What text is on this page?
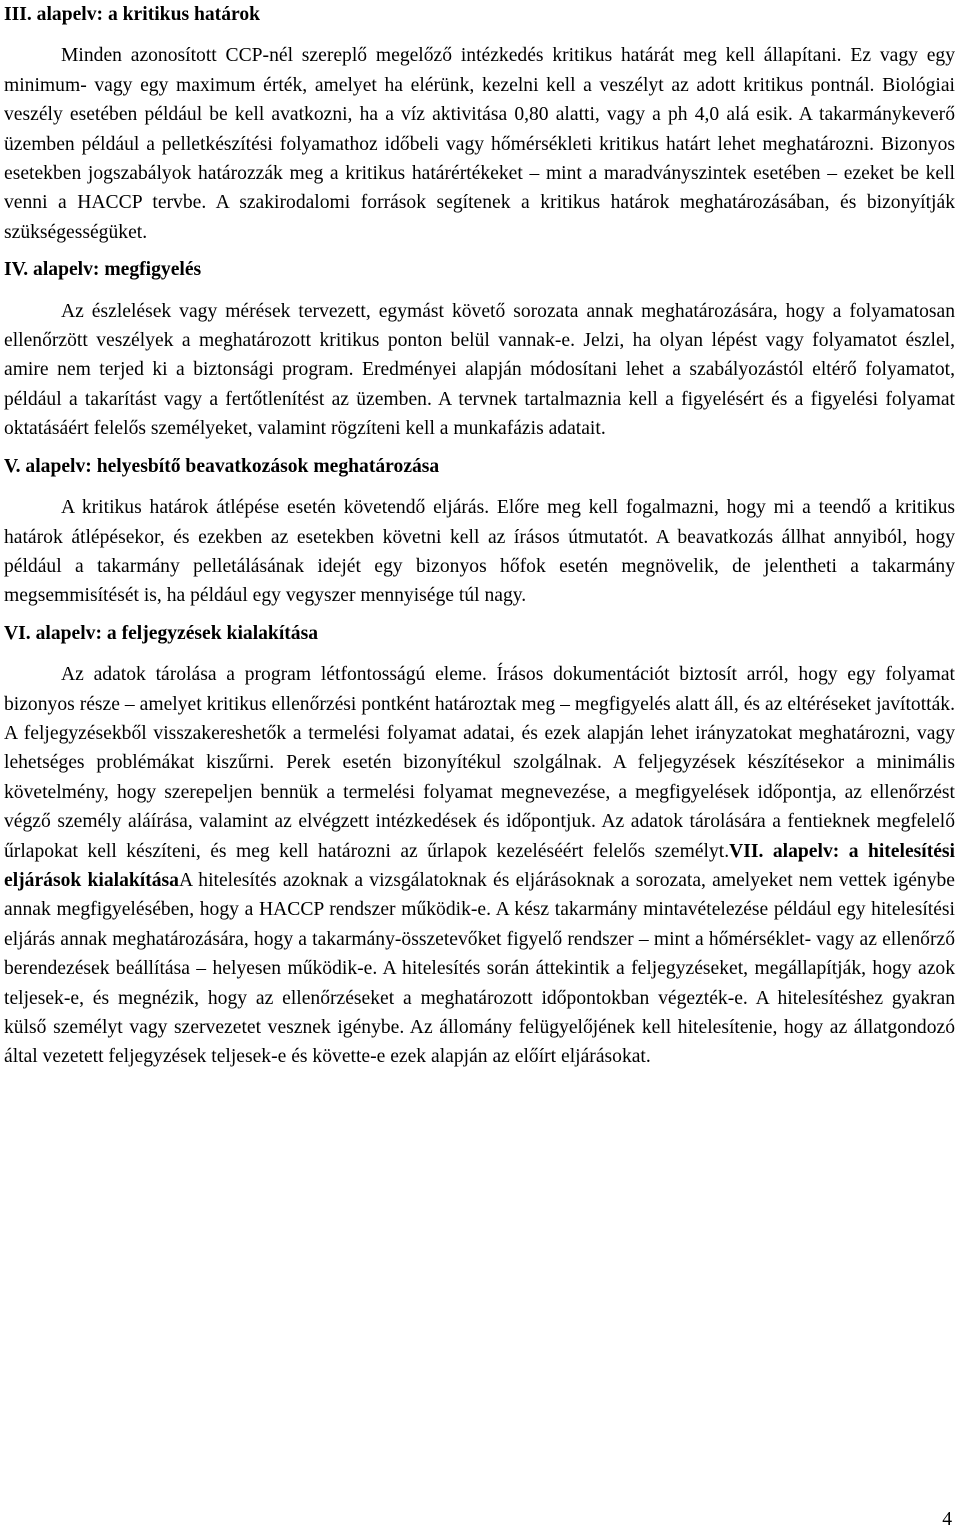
III. alapelv: a kritikus határok

Minden azonosított CCP-nél szereplő megelőző intézkedés kritikus határát meg kell állapítani. Ez vagy egy minimum- vagy egy maximum érték, amelyet ha elérünk, kezelni kell a veszélyt az adott kritikus pontnál. Biológiai veszély esetében például be kell avatkozni, ha a víz aktivitása 0,80 alatti, vagy a ph 4,0 alá esik. A takarmánykeverő üzemben például a pelletkészítési folyamathoz időbeli vagy hőmérsékleti kritikus határt lehet meghatározni. Bizonyos esetekben jogszabályok határozzák meg a kritikus határértékeket – mint a maradványszintek esetében – ezeket be kell venni a HACCP tervbe. A szakirodalomi források segítenek a kritikus határok meghatározásában, és bizonyítják szükségességüket.

IV. alapelv: megfigyelés

Az észlelések vagy mérések tervezett, egymást követő sorozata annak meghatározására, hogy a folyamatosan ellenőrzött veszélyek a meghatározott kritikus ponton belül vannak-e. Jelzi, ha olyan lépést vagy folyamatot észlel, amire nem terjed ki a biztonsági program. Eredményei alapján módosítani lehet a szabályozástól eltérő folyamatot, például a takarítást vagy a fertőtlenítést az üzemben. A tervnek tartalmaznia kell a figyelésért és a figyelési folyamat oktatásáért felelős személyeket, valamint rögzíteni kell a munkafázis adatait.

V. alapelv: helyesbítő beavatkozások meghatározása

A kritikus határok átlépése esetén követendő eljárás. Előre meg kell fogalmazni, hogy mi a teendő a kritikus határok átlépésekor, és ezekben az esetekben követni kell az írásos útmutatót. A beavatkozás állhat annyiból, hogy például a takarmány pelletálásának idejét egy bizonyos hőfok esetén megnövelik, de jelentheti a takarmány megsemmisítését is, ha például egy vegyszer mennyisége túl nagy.

VI. alapelv: a feljegyzések kialakítása

Az adatok tárolása a program létfontosságú eleme. Írásos dokumentációt biztosít arról, hogy egy folyamat bizonyos része – amelyet kritikus ellenőrzési pontként határoztak meg – megfigyelés alatt áll, és az eltéréseket javították. A feljegyzésekből visszakereshetők a termelési folyamat adatai, és ezek alapján lehet irányzatokat meghatározni, vagy lehetséges problémákat kiszűrni. Perek esetén bizonyítékul szolgálnak. A feljegyzések készítésekor a minimális követelmény, hogy szerepeljen bennük a termelési folyamat megnevezése, a megfigyelések időpontja, az ellenőrzést végző személy aláírása, valamint az elvégzett intézkedések és időpontjuk. Az adatok tárolására a fentieknek megfelelő űrlapokat kell készíteni, és meg kell határozni az űrlapok kezeléséért felelős személyt.VII. alapelv: a hitelesítési eljárások kialakításaA hitelesítés azoknak a vizsgálatoknak és eljárásoknak a sorozata, amelyeket nem vettek igénybe annak megfigyelésében, hogy a HACCP rendszer működik-e. A kész takarmány mintavételezése például egy hitelesítési eljárás annak meghatározására, hogy a takarmány-összetevőket figyelő rendszer – mint a hőmérséklet- vagy az ellenőrző berendezések beállítása – helyesen működik-e. A hitelesítés során áttekintik a feljegyzéseket, megállapítják, hogy azok teljesek-e, és megnézik, hogy az ellenőrzéseket a meghatározott időpontokban végezték-e. A hitelesítéshez gyakran külső személyt vagy szervezetet vesznek igénybe. Az állomány felügyelőjének kell hitelesítenie, hogy az állatgondozó által vezetett feljegyzések teljesek-e és követte-e ezek alapján az előírt eljárásokat.

4
